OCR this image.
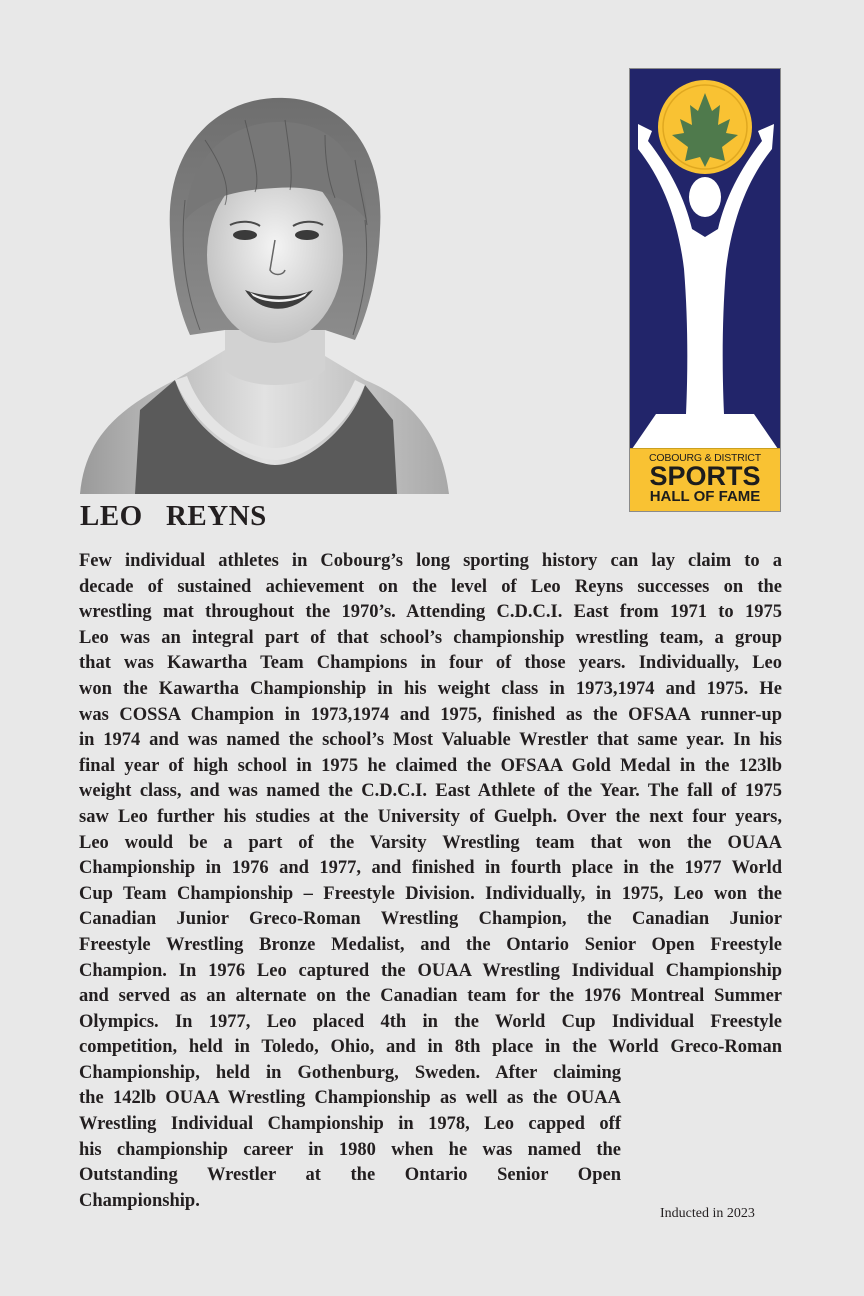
COBOURG & DISTRICT
SPORTS
HALL OF FAME
LEO   REYNS
Few individual athletes in Cobourg’s long sporting history can lay claim to a
decade of sustained achievement on the level of Leo Reyns successes on the
wrestling mat throughout the 1970’s. Attending C.D.C.I. East from 1971 to 1975
Leo was an integral part of that school’s championship wrestling team, a group
that was Kawartha Team Champions in four of those years. Individually, Leo
won the Kawartha Championship in his weight class in 1973,1974 and 1975. He
was COSSA Champion in 1973,1974 and 1975, finished as the OFSAA runner-up
in 1974 and was named the school’s Most Valuable Wrestler that same year. In his
final year of high school in 1975 he claimed the OFSAA Gold Medal in the 123lb
weight class, and was named the C.D.C.I. East Athlete of the Year. The fall of 1975
saw Leo further his studies at the University of Guelph. Over the next four years,
Leo would be a part of the Varsity Wrestling team that won the OUAA
Championship in 1976 and 1977, and finished in fourth place in the 1977 World
Cup Team Championship – Freestyle Division. Individually, in 1975, Leo won the
Canadian Junior Greco-Roman Wrestling Champion, the Canadian Junior
Freestyle Wrestling Bronze Medalist, and the Ontario Senior Open Freestyle
Champion. In 1976 Leo captured the OUAA Wrestling Individual Championship
and served as an alternate on the Canadian team for the 1976 Montreal Summer
Olympics. In 1977, Leo placed 4th in the World Cup Individual Freestyle
competition, held in Toledo, Ohio, and in 8th place in the World Greco-Roman
Championship, held in Gothenburg, Sweden. After claiming
the 142lb OUAA Wrestling Championship as well as the OUAA
Wrestling Individual Championship in 1978, Leo capped off
his championship career in 1980 when he was named the
Outstanding Wrestler at the Ontario Senior Open
Championship.
Inducted in 2023
